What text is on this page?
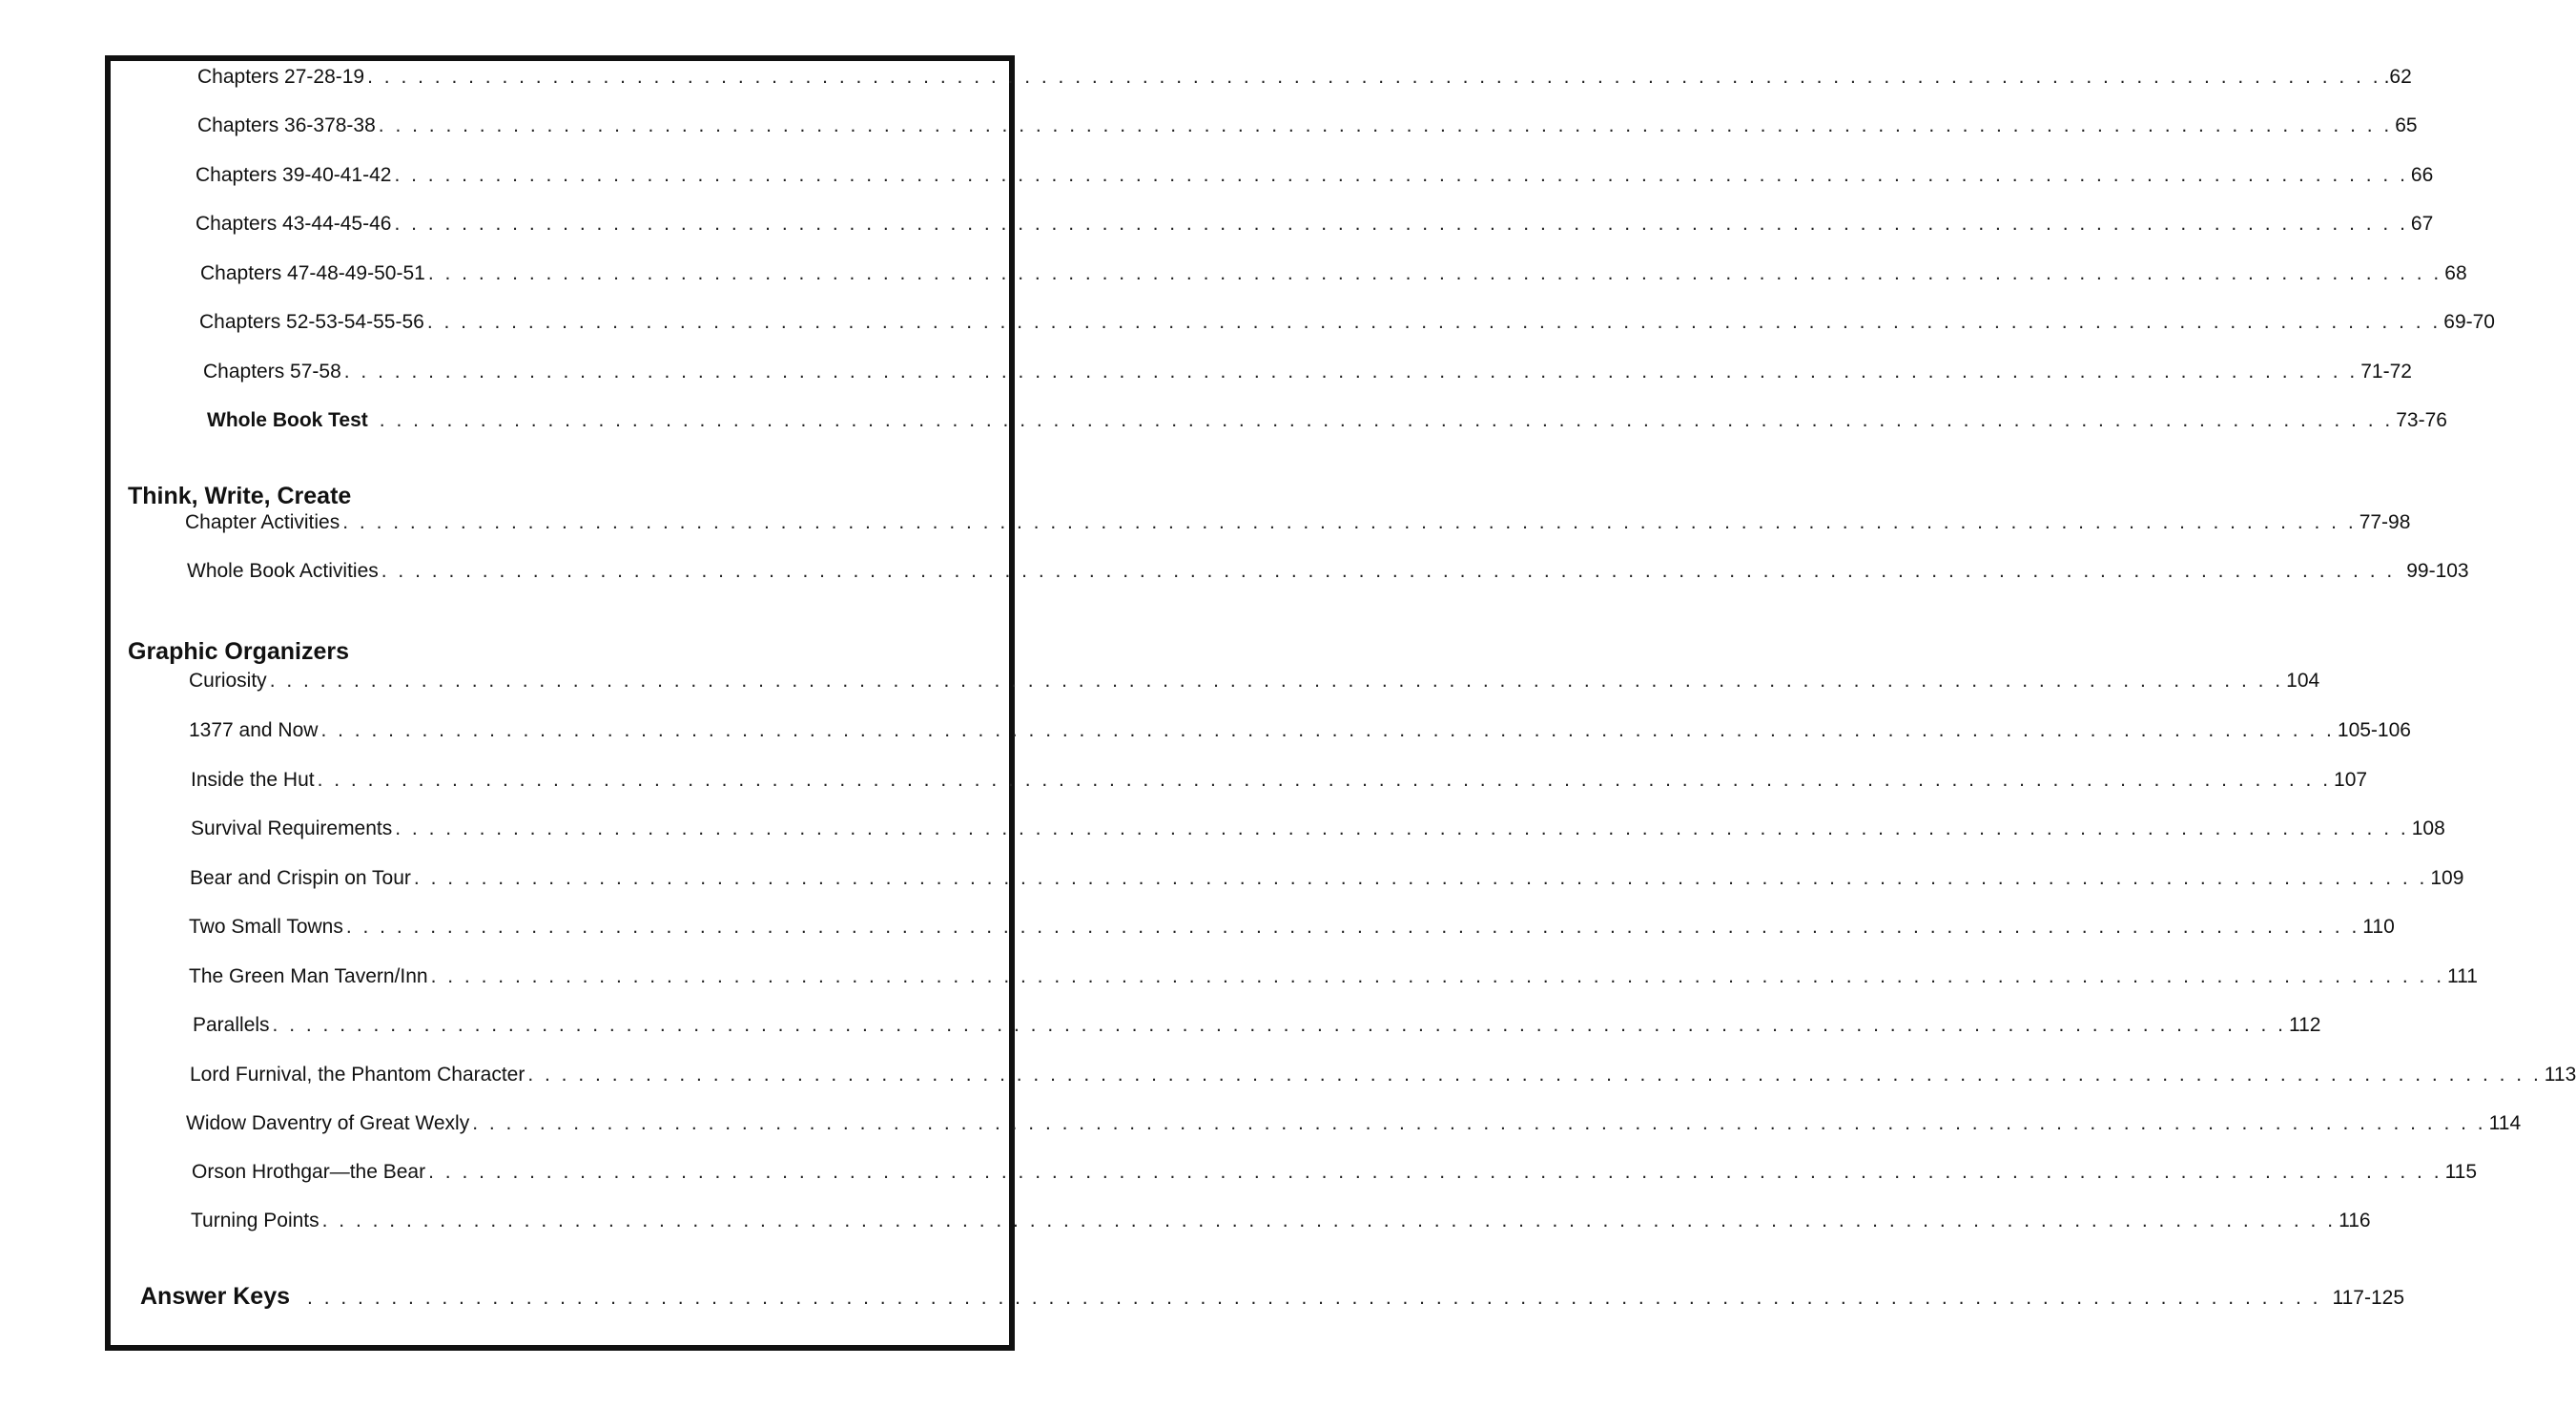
Chapters 27-28-19 . . . . . . . . . . . . . . . . . . . . . . . . . . . . . . . . . . . . . . . . . . . . . . . . . . . . . . . . . . . . . . . . . . . . . . . . . . . . . . . . . . . . . . . . . . . . . . . . . . . . . . . . . . . . . . . . . . . . . . . . .62
Chapters 36-378-38 . . . . . . . . . . . . . . . . . . . . . . . . . . . . . . . . . . . . . . . . . . . . . . . . . . . . . . . . . . . . . . . . . . . . . . . . . . . . . . . . . . . . . . . . . . . . . . . . . . . . . . . . . . . . . . . . . . . . . . . . 65
Chapters 39-40-41-42 . . . . . . . . . . . . . . . . . . . . . . . . . . . . . . . . . . . . . . . . . . . . . . . . . . . . . . . . . . . . . . . . . . . . . . . . . . . . . . . . . . . . . . . . . . . . . . . . . . . . . . . . . . . . . . . . . . . . . . . . 66
Chapters 43-44-45-46 . . . . . . . . . . . . . . . . . . . . . . . . . . . . . . . . . . . . . . . . . . . . . . . . . . . . . . . . . . . . . . . . . . . . . . . . . . . . . . . . . . . . . . . . . . . . . . . . . . . . . . . . . . . . . . . . . . . . . . . . 67
Chapters 47-48-49-50-51 . . . . . . . . . . . . . . . . . . . . . . . . . . . . . . . . . . . . . . . . . . . . . . . . . . . . . . . . . . . . . . . . . . . . . . . . . . . . . . . . . . . . . . . . . . . . . . . . . . . . . . . . . . . . . . . . . . . . . . . . 68
Chapters 52-53-54-55-56 . . . . . . . . . . . . . . . . . . . . . . . . . . . . . . . . . . . . . . . . . . . . . . . . . . . . . . . . . . . . . . . . . . . . . . . . . . . . . . . . . . . . . . . . . . . . . . . . . . . . . . . . . . . . . . . . . . . . . . . . 69-70
Chapters 57-58 . . . . . . . . . . . . . . . . . . . . . . . . . . . . . . . . . . . . . . . . . . . . . . . . . . . . . . . . . . . . . . . . . . . . . . . . . . . . . . . . . . . . . . . . . . . . . . . . . . . . . . . . . . . . . . . . . . . . . . . . 71-72
Whole Book Test . . . . . . . . . . . . . . . . . . . . . . . . . . . . . . . . . . . . . . . . . . . . . . . . . . . . . . . . . . . . . . . . . . . . . . . . . . . . . . . . . . . . . . . . . . . . . . . . . . . . . . . . . . . . . . . . . . . . . . . . 73-76
Think, Write, Create
Chapter Activities . . . . . . . . . . . . . . . . . . . . . . . . . . . . . . . . . . . . . . . . . . . . . . . . . . . . . . . . . . . . . . . . . . . . . . . . . . . . . . . . . . . . . . . . . . . . . . . . . . . . . . . . . . . . . . . . . . . . . . . . 77-98
Whole Book Activities . . . . . . . . . . . . . . . . . . . . . . . . . . . . . . . . . . . . . . . . . . . . . . . . . . . . . . . . . . . . . . . . . . . . . . . . . . . . . . . . . . . . . . . . . . . . . . . . . . . . . . . . . . . . . . . . . . . . . . . . 99-103
Graphic Organizers
Curiosity . . . . . . . . . . . . . . . . . . . . . . . . . . . . . . . . . . . . . . . . . . . . . . . . . . . . . . . . . . . . . . . . . . . . . . . . . . . . . . . . . . . . . . . . . . . . . . . . . . . . . . . . . . . . . . . . . . . . . . . . 104
1377 and Now . . . . . . . . . . . . . . . . . . . . . . . . . . . . . . . . . . . . . . . . . . . . . . . . . . . . . . . . . . . . . . . . . . . . . . . . . . . . . . . . . . . . . . . . . . . . . . . . . . . . . . . . . . . . . . . . . . . . . . . . 105-106
Inside the Hut . . . . . . . . . . . . . . . . . . . . . . . . . . . . . . . . . . . . . . . . . . . . . . . . . . . . . . . . . . . . . . . . . . . . . . . . . . . . . . . . . . . . . . . . . . . . . . . . . . . . . . . . . . . . . . . . . . . . . . . . 107
Survival Requirements . . . . . . . . . . . . . . . . . . . . . . . . . . . . . . . . . . . . . . . . . . . . . . . . . . . . . . . . . . . . . . . . . . . . . . . . . . . . . . . . . . . . . . . . . . . . . . . . . . . . . . . . . . . . . . . . . . . . . . . . 108
Bear and Crispin on Tour . . . . . . . . . . . . . . . . . . . . . . . . . . . . . . . . . . . . . . . . . . . . . . . . . . . . . . . . . . . . . . . . . . . . . . . . . . . . . . . . . . . . . . . . . . . . . . . . . . . . . . . . . . . . . . . . . . . . . . . . 109
Two Small Towns . . . . . . . . . . . . . . . . . . . . . . . . . . . . . . . . . . . . . . . . . . . . . . . . . . . . . . . . . . . . . . . . . . . . . . . . . . . . . . . . . . . . . . . . . . . . . . . . . . . . . . . . . . . . . . . . . . . . . . . . 110
The Green Man Tavern/Inn . . . . . . . . . . . . . . . . . . . . . . . . . . . . . . . . . . . . . . . . . . . . . . . . . . . . . . . . . . . . . . . . . . . . . . . . . . . . . . . . . . . . . . . . . . . . . . . . . . . . . . . . . . . . . . . . . . . . . . . . 111
Parallels . . . . . . . . . . . . . . . . . . . . . . . . . . . . . . . . . . . . . . . . . . . . . . . . . . . . . . . . . . . . . . . . . . . . . . . . . . . . . . . . . . . . . . . . . . . . . . . . . . . . . . . . . . . . . . . . . . . . . . . . 112
Lord Furnival, the Phantom Character . . . . . . . . . . . . . . . . . . . . . . . . . . . . . . . . . . . . . . . . . . . . . . . . . . . . . . . . . . . . . . . . . . . . . . . . . . . . . . . . . . . . . . . . . . . . . . . . . . . . . . . . . . . . . . . . . . . . . . . . 113
Widow Daventry of Great Wexly . . . . . . . . . . . . . . . . . . . . . . . . . . . . . . . . . . . . . . . . . . . . . . . . . . . . . . . . . . . . . . . . . . . . . . . . . . . . . . . . . . . . . . . . . . . . . . . . . . . . . . . . . . . . . . . . . . . . . . . . 114
Orson Hrothgar—the Bear . . . . . . . . . . . . . . . . . . . . . . . . . . . . . . . . . . . . . . . . . . . . . . . . . . . . . . . . . . . . . . . . . . . . . . . . . . . . . . . . . . . . . . . . . . . . . . . . . . . . . . . . . . . . . . . . . . . . . . . . 115
Turning Points . . . . . . . . . . . . . . . . . . . . . . . . . . . . . . . . . . . . . . . . . . . . . . . . . . . . . . . . . . . . . . . . . . . . . . . . . . . . . . . . . . . . . . . . . . . . . . . . . . . . . . . . . . . . . . . . . . . . . . . . 116
Answer Keys . . . . . . . . . . . . . . . . . . . . . . . . . . . . . . . . . . . . . . . . . . . . . . . . . . . . . . . . . . . . . . . . . . . . . . . . . . . . . . . . . . . . . . . . . . . . . . . . . . . . . . . . . . . . . . . . . . . . . . . . 117-125
